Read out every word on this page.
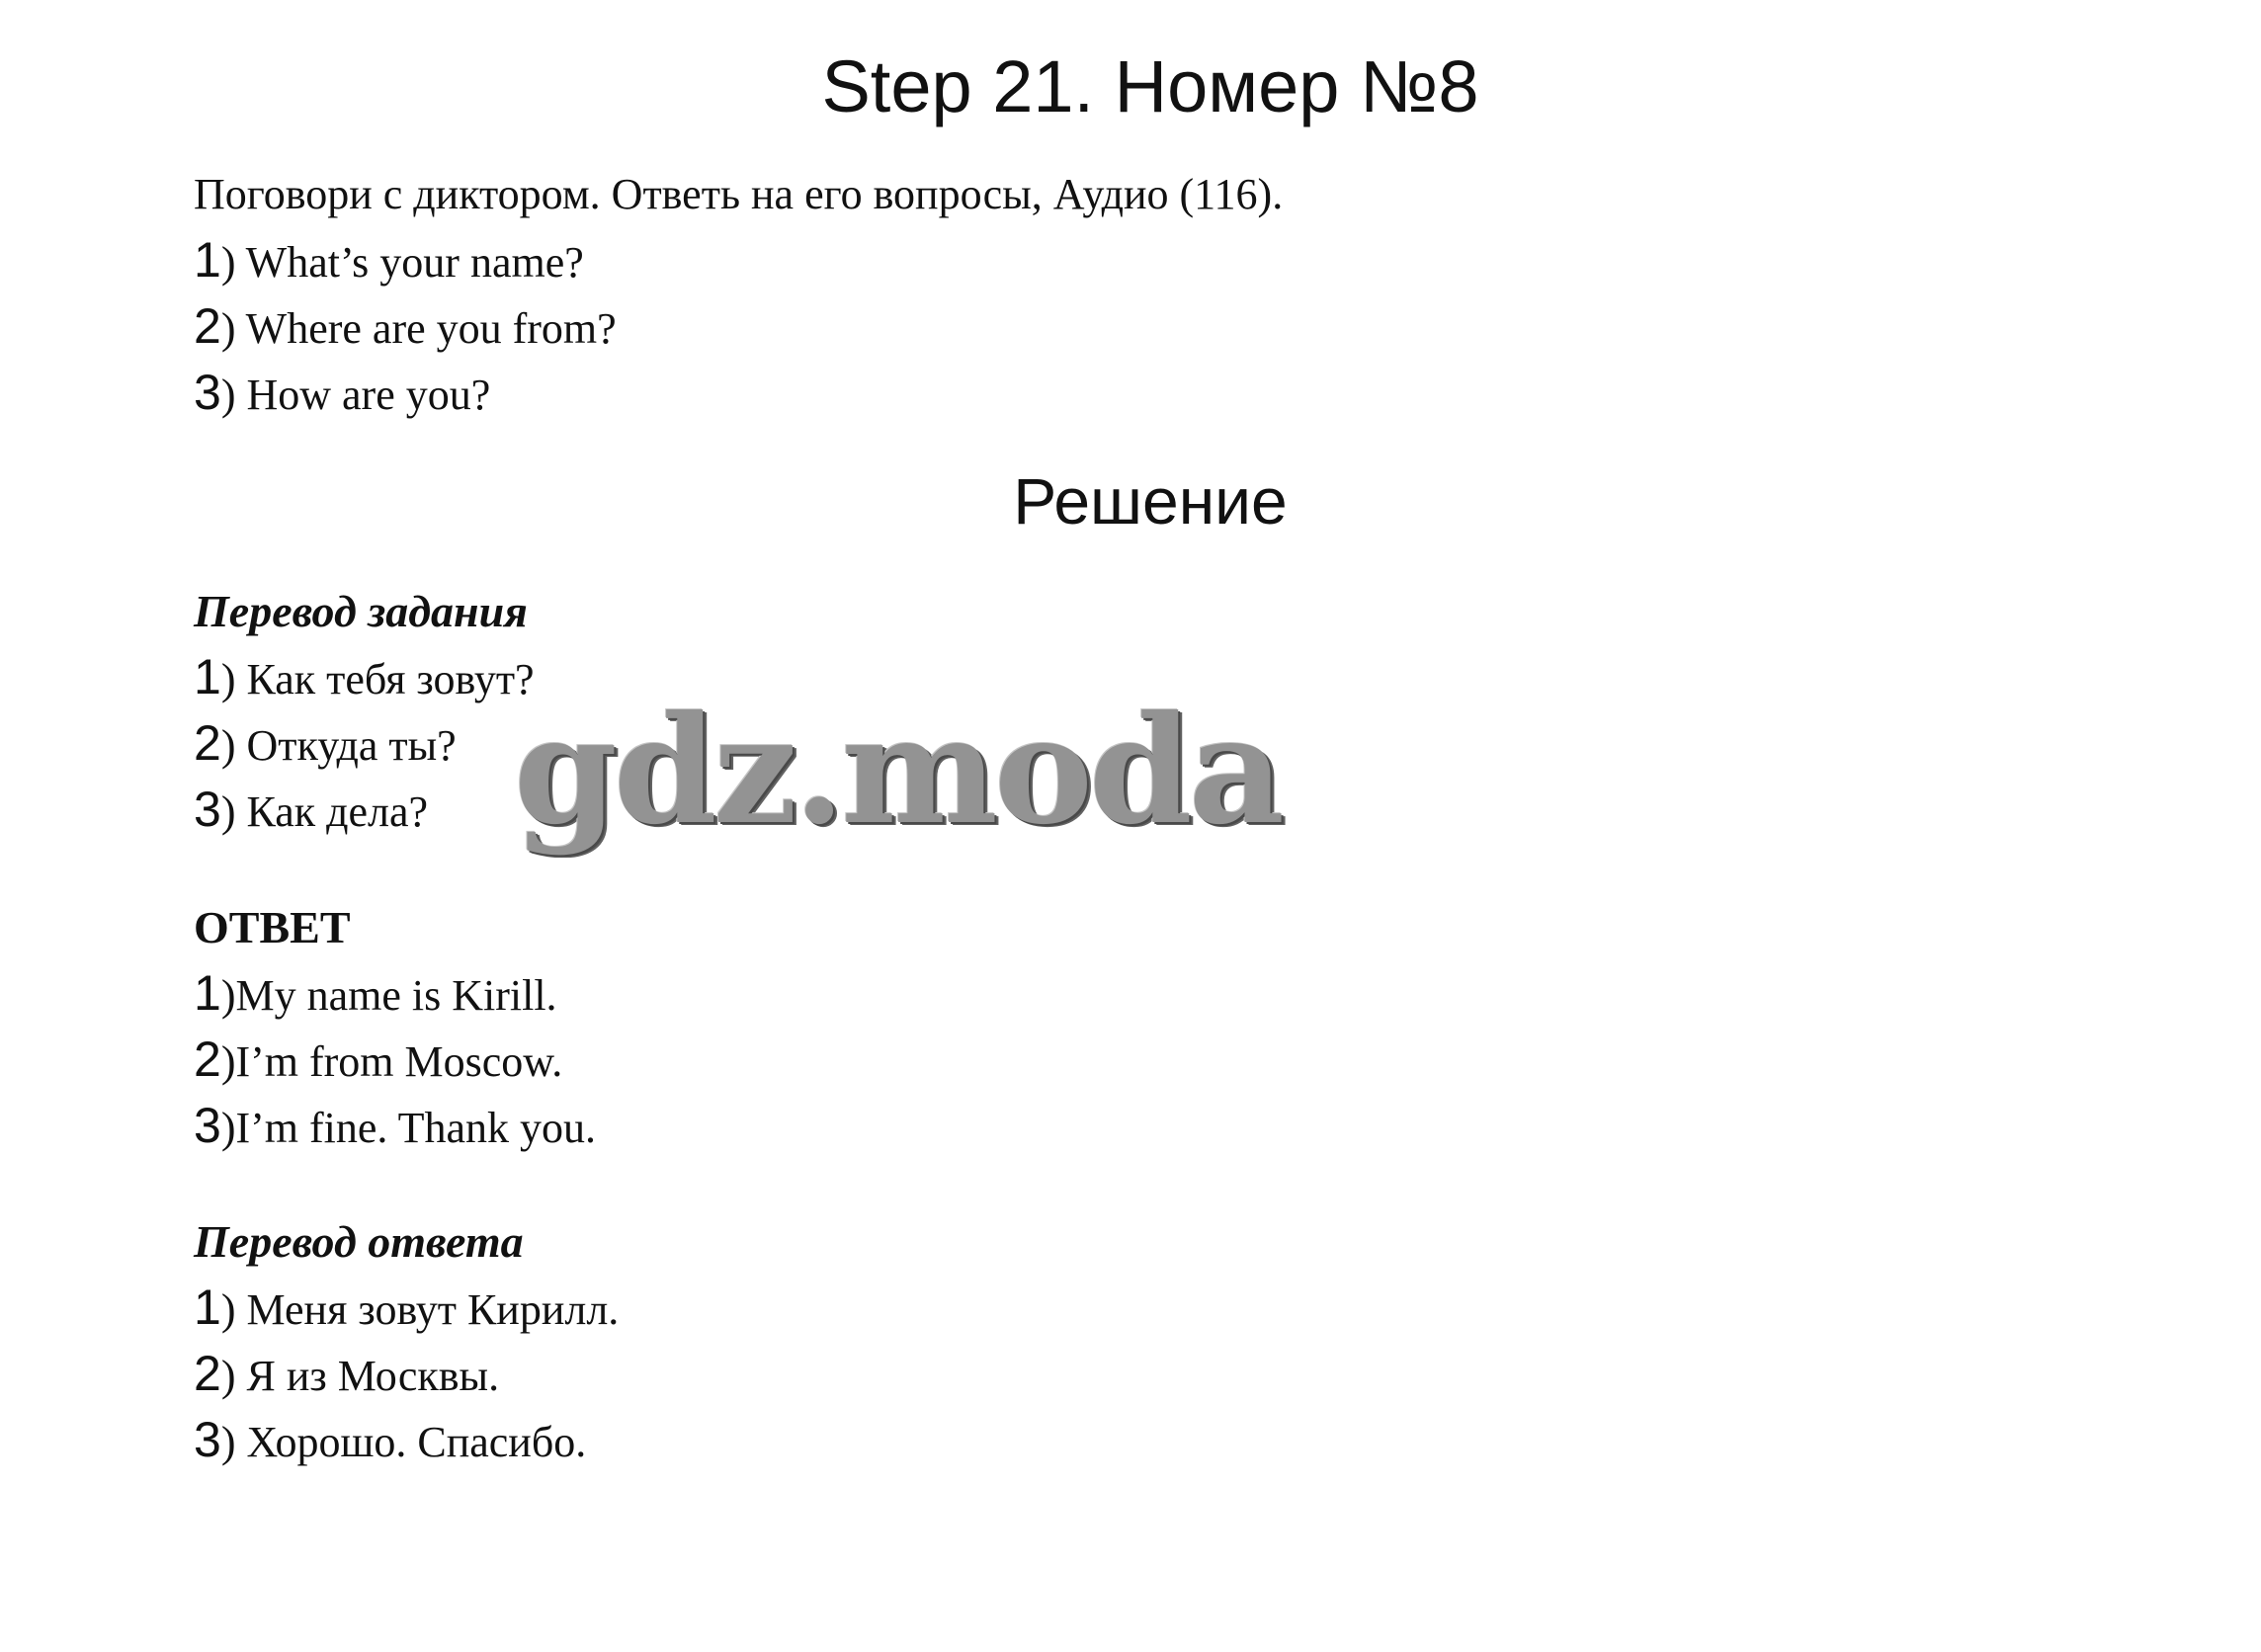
Step 21. Номер №8
Поговори с диктором. Ответь на его вопросы, Аудио (116).
1) What’s your name?
2) Where are you from?
3) How are you?
Решение
Перевод задания
1) Как тебя зовут?
2) Откуда ты?
3) Как дела?
ОТВЕТ
1)My name is Kirill.
2)I’m from Moscow.
3)I’m fine. Thank you.
Перевод ответа
1) Меня зовут Кирилл.
2) Я из Москвы.
3) Хорошо. Спасибо.
gdz.moda
